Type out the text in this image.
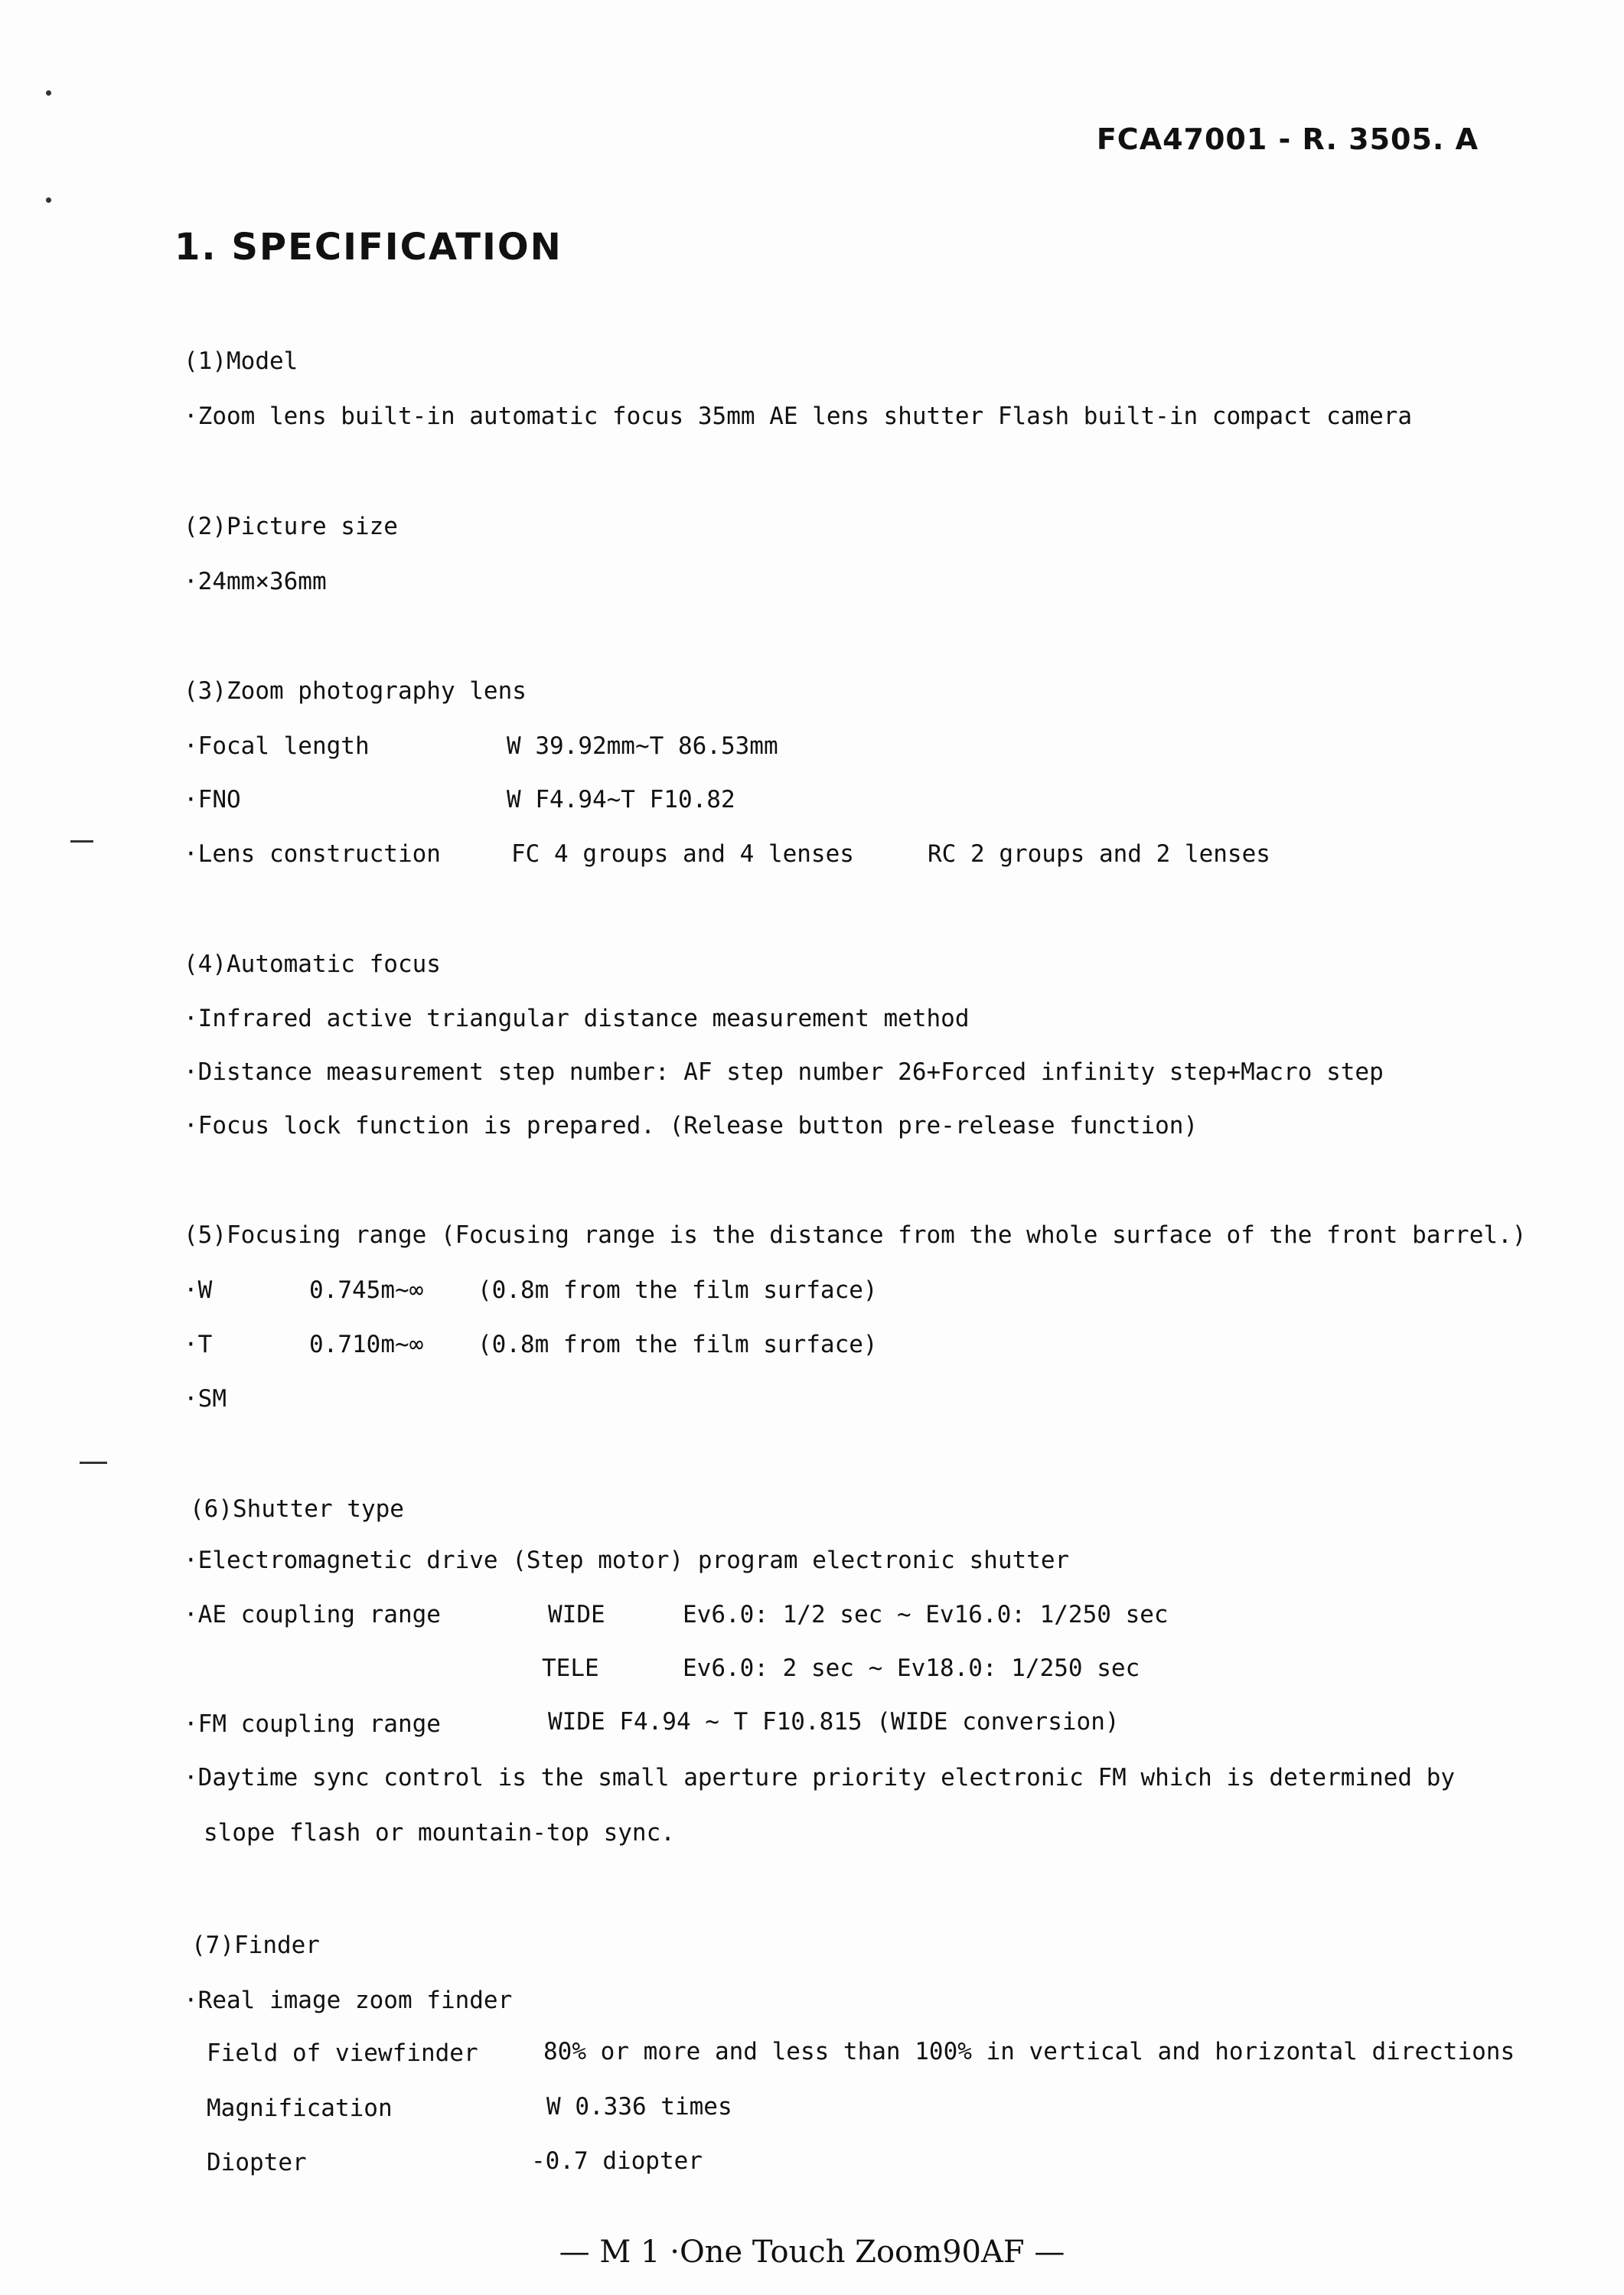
FCA47001 - R. 3505. A
1. SPECIFICATION
(1)Model
·Zoom lens built-in automatic focus 35mm AE lens shutter Flash built-in compact camera
(2)Picture size
·24mm×36mm
(3)Zoom photography lens
·Focal length	W 39.92mm~T 86.53mm
·FNO	W F4.94~T F10.82
·Lens construction	FC 4 groups and 4 lenses	RC 2 groups and 2 lenses
(4)Automatic focus
·Infrared active triangular distance measurement method
·Distance measurement step number: AF step number 26+Forced infinity step+Macro step
·Focus lock function is prepared. (Release button pre-release function)
(5)Focusing range (Focusing range is the distance from the whole surface of the front barrel.)
·W	0.745m~∞ (0.8m from the film surface)
·T	0.710m~∞ (0.8m from the film surface)
·SM
(6)Shutter type
·Electromagnetic drive (Step motor) program electronic shutter
·AE coupling range	WIDE	Ev6.0: 1/2 sec ~ Ev16.0: 1/250 sec
TELE	Ev6.0: 2 sec ~ Ev18.0: 1/250 sec
·FM coupling range	WIDE F4.94 ~ T F10.815 (WIDE conversion)
·Daytime sync control is the small aperture priority electronic FM which is determined by
slope flash or mountain-top sync.
(7)Finder
·Real image zoom finder
Field of viewfinder	80% or more and less than 100% in vertical and horizontal directions
Magnification	W 0.336 times
Diopter	-0.7 diopter
— M 1 ·One Touch Zoom90AF —
